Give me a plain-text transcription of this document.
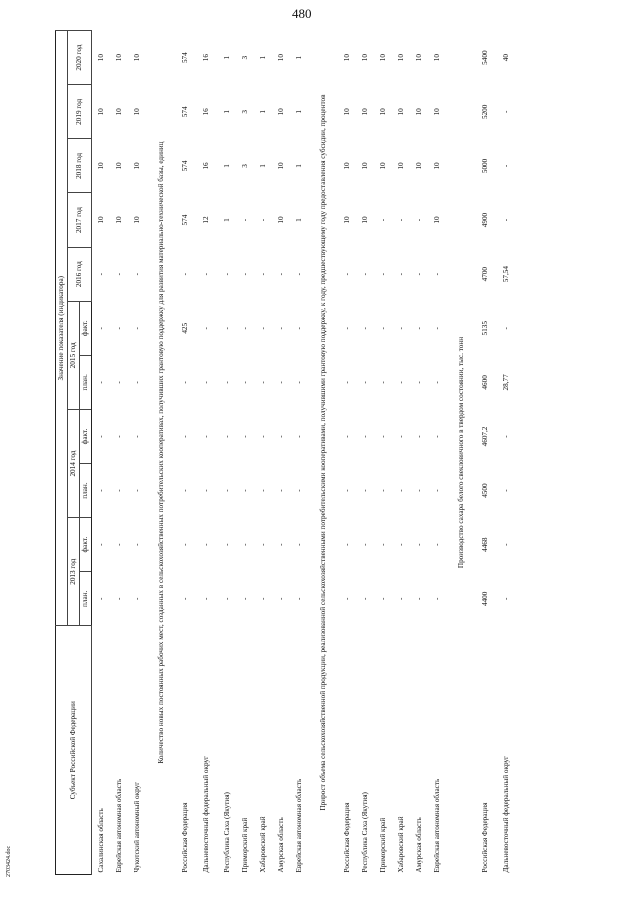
480
2703424.doc
Субъект Российской Федерации	Значение показателя (индикатора)										
	2013 год		2014 год		2015 год		2016 год	2017 год	2018 год	2019 год	2020 год
	план.	факт.	план.	факт.	план.	факт.					
Сахалинская область	-	-	-	-	-	-	-	10	10	10	10
Еврейская автономная область	-	-	-	-	-	-	-	10	10	10	10
Чукотский автономный округ	-	-	-	-	-	-	-	10	10	10	10
Количество новых постоянных рабочих мест, созданных в сельскохозяйственных потребительских кооперативах, получивших грантовую поддержку для развития материально-технической базы, единиц											
Российская Федерация	-	-	-	-	-	425	-	574	574	574	574
Дальневосточный федеральный округ	-	-	-	-	-	-	-	12	16	16	16
Республика Саха (Якутия)	-	-	-	-	-	-	-	1	1	1	1
Приморский край	-	-	-	-	-	-	-	-	3	3	3
Хабаровский край	-	-	-	-	-	-	-	-	1	1	1
Амурская область	-	-	-	-	-	-	-	10	10	10	10
Еврейская автономная область	-	-	-	-	-	-	-	1	1	1	1
Прирост объема сельскохозяйственной продукции, реализованной сельскохозяйственными потребительскими кооперативами, получившими грантовую поддержку, к году, предшествующему году предоставления субсидии, процентов											
Российская Федерация	-	-	-	-	-	-	-	10	10	10	10
Республика Саха (Якутия)	-	-	-	-	-	-	-	10	10	10	10
Приморский край	-	-	-	-	-	-	-	-	10	10	10
Хабаровский край	-	-	-	-	-	-	-	-	10	10	10
Амурская область	-	-	-	-	-	-	-	-	10	10	10
Еврейская автономная область	-	-	-	-	-	-	-	10	10	10	10
Производство сахара белого свекловичного в твердом состоянии, тыс. тонн											
Российская Федерация	4400	4468	4500	4607,2	4600	5135	4700	4900	5000	5200	5400
Дальневосточный федеральный округ	-	-	-	-	28,77	-	57,54	-	-	-	40
